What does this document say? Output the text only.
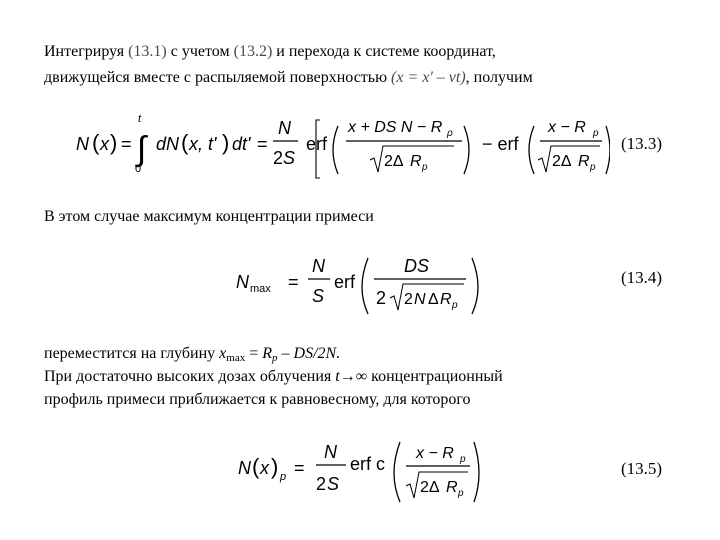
Интегрируя (13.1) с учетом (13.2) и перехода к системе координат,
движущейся вместе с распыляемой поверхностью (x = x' – vt), получим
N ( x ) = ∫
t
0
dN ( x, t' ) dt' =
N
2 S
erf
x + DS N − R ρ
2Δ R p
− erf
x − R p
2Δ R p
(13.3)
В этом случае максимум концентрации примеси
N max =
N
S
erf
DS
2 2 N Δ R p
(13.4)
переместится на глубину $x_{max} = R_p - DS/2N$.
При достаточно высоких дозах облучения t→∞ концентрационный
профиль примеси приближается к равновесному, для которого
N ( x ) p =
N
2 S
erf c
x − R p
2Δ R p
(13.5)
